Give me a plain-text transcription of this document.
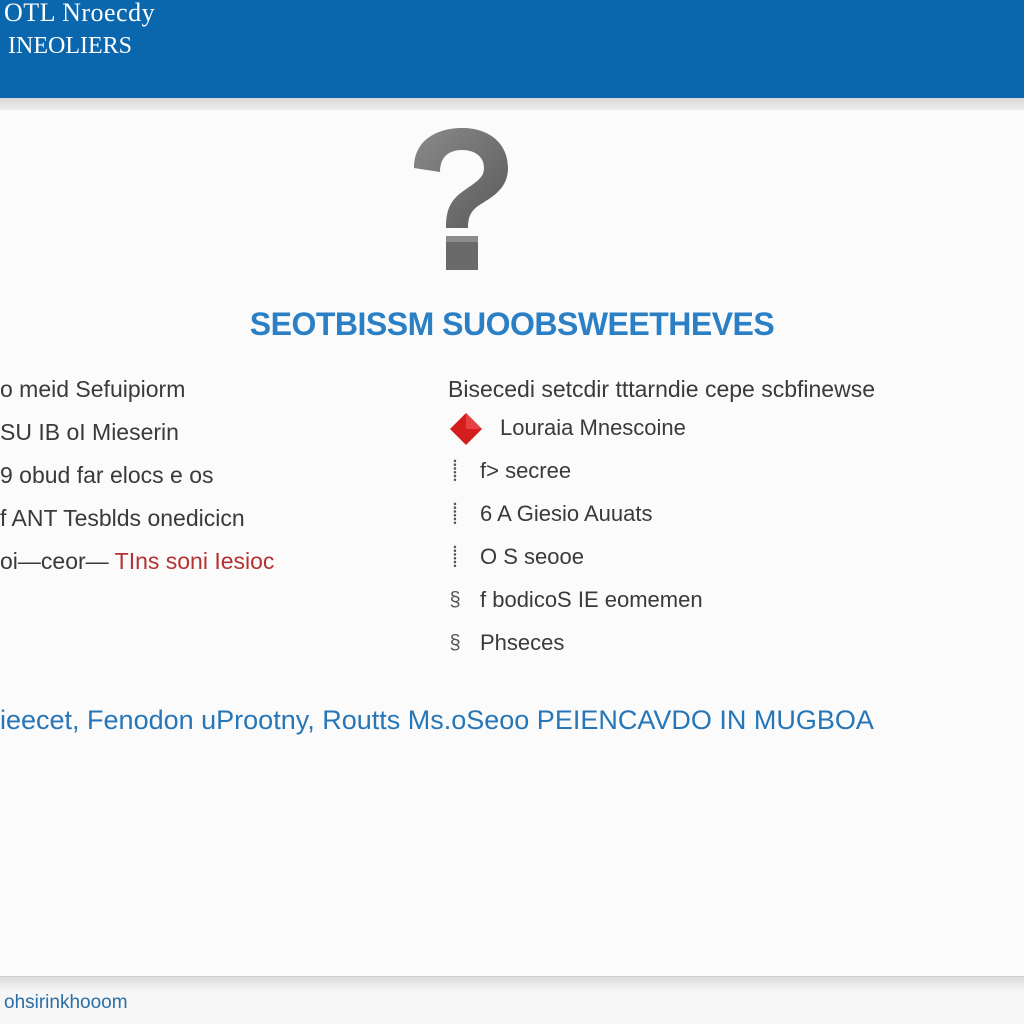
OTL Nroecdy
INEOLIERS
SEOTBISSM SUOOBSWEETHEVES
o meid Sefuipiorm
SU IB oI Mieserin
9 obud far elocs e os
f ANT Tesblds onedicicn
oi—ceor— TIns soni Iesioc
Bisecedi setcdir tttarndie cepe scbfinewse
Louraia Mnescoine
⸽ f> secree
⸽ 6 A Giesio Auuats
⸽ O S seooe
§ f bodicoS IE eomemen
§ Phseces
ieecet, Fenodon uProotny, Routts Ms.oSeoo PEIENCAVDO IN MUGBOA
ohsirinkhooom
